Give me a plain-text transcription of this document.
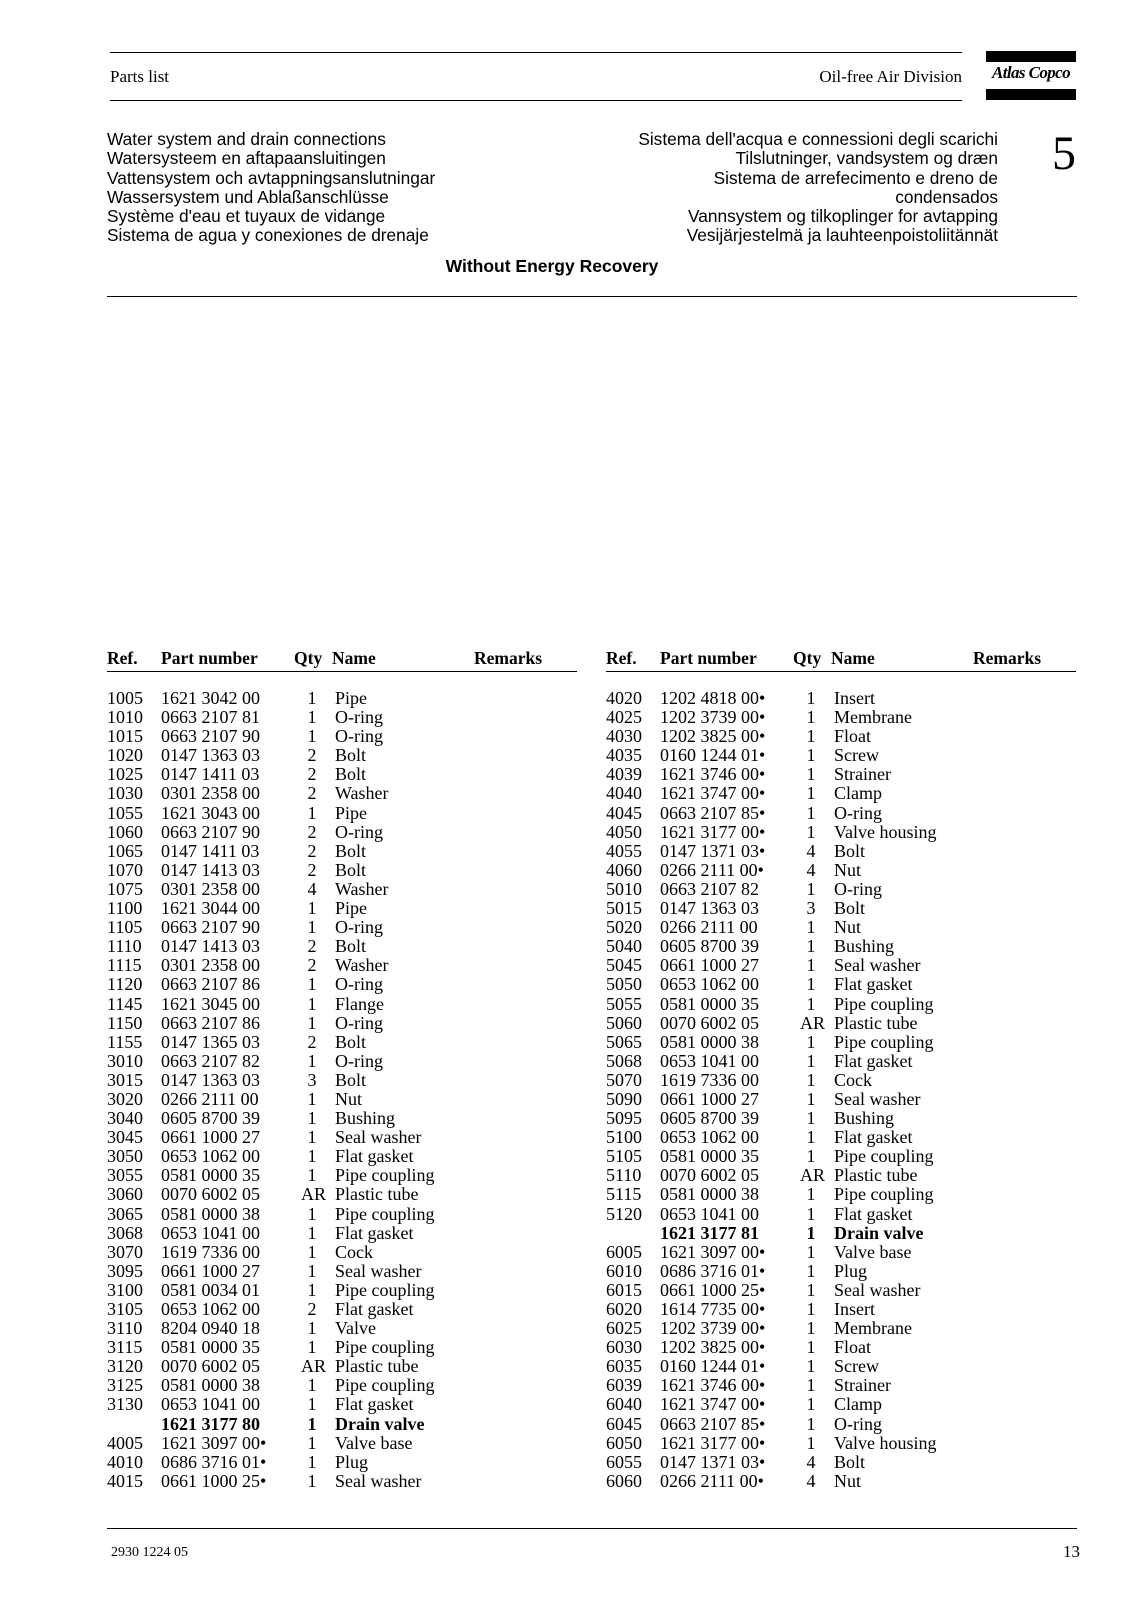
Parts list	Oil-free Air Division	Atlas Copco
Water system and drain connections
Watersysteem en aftapaansluitingen
Vattensystem och avtappningsanslutningar
Wassersystem und Ablaßanschlüsse
Système d'eau et tuyaux de vidange
Sistema de agua y conexiones de drenaje
Sistema dell'acqua e connessioni degli scarichi
Tilslutninger, vandsystem og dræn
Sistema de arrefecimento e dreno de
condensados
Vannsystem og tilkoplinger for avtapping
Vesijärjestelmä ja lauhteenpoistoliitännät
5
Without Energy Recovery
Ref. Part number Qty Name	Remarks
1005 1621 3042 00	1	Pipe
1010 0663 2107 81	1	O-ring
1015 0663 2107 90	1	O-ring
1020 0147 1363 03	2	Bolt
1025 0147 1411 03	2	Bolt
1030 0301 2358 00	2	Washer
1055 1621 3043 00	1	Pipe
1060 0663 2107 90	2	O-ring
1065 0147 1411 03	2	Bolt
1070 0147 1413 03	2	Bolt
1075 0301 2358 00	4	Washer
1100 1621 3044 00	1	Pipe
1105 0663 2107 90	1	O-ring
1110 0147 1413 03	2	Bolt
1115 0301 2358 00	2	Washer
1120 0663 2107 86	1	O-ring
1145 1621 3045 00	1	Flange
1150 0663 2107 86	1	O-ring
1155 0147 1365 03	2	Bolt
3010 0663 2107 82	1	O-ring
3015 0147 1363 03	3	Bolt
3020 0266 2111 00	1	Nut
3040 0605 8700 39	1	Bushing
3045 0661 1000 27	1	Seal washer
3050 0653 1062 00	1	Flat gasket
3055 0581 0000 35	1	Pipe coupling
3060 0070 6002 05 AR Plastic tube
3065 0581 0000 38	1	Pipe coupling
3068 0653 1041 00	1	Flat gasket
3070 1619 7336 00	1	Cock
3095 0661 1000 27	1	Seal washer
3100 0581 0034 01	1	Pipe coupling
3105 0653 1062 00	2	Flat gasket
3110 8204 0940 18	1	Valve
3115 0581 0000 35	1	Pipe coupling
3120 0070 6002 05 AR Plastic tube
3125 0581 0000 38	1	Pipe coupling
3130 0653 1041 00	1	Flat gasket
1621 3177 80	1	Drain valve
4005 1621 3097 00•	1	Valve base
4010 0686 3716 01•	1	Plug
4015 0661 1000 25•	1	Seal washer
Ref. Part number Qty Name	Remarks
4020 1202 4818 00•	1	Insert
4025 1202 3739 00•	1	Membrane
4030 1202 3825 00•	1	Float
4035 0160 1244 01•	1	Screw
4039 1621 3746 00•	1	Strainer
4040 1621 3747 00•	1	Clamp
4045 0663 2107 85•	1	O-ring
4050 1621 3177 00•	1	Valve housing
4055 0147 1371 03•	4	Bolt
4060 0266 2111 00•	4	Nut
5010 0663 2107 82	1	O-ring
5015 0147 1363 03	3	Bolt
5020 0266 2111 00	1	Nut
5040 0605 8700 39	1	Bushing
5045 0661 1000 27	1	Seal washer
5050 0653 1062 00	1	Flat gasket
5055 0581 0000 35	1	Pipe coupling
5060 0070 6002 05 AR Plastic tube
5065 0581 0000 38	1	Pipe coupling
5068 0653 1041 00	1	Flat gasket
5070 1619 7336 00	1	Cock
5090 0661 1000 27	1	Seal washer
5095 0605 8700 39	1	Bushing
5100 0653 1062 00	1	Flat gasket
5105 0581 0000 35	1	Pipe coupling
5110 0070 6002 05 AR Plastic tube
5115 0581 0000 38	1	Pipe coupling
5120 0653 1041 00	1	Flat gasket
1621 3177 81	1	Drain valve
6005 1621 3097 00•	1	Valve base
6010 0686 3716 01•	1	Plug
6015 0661 1000 25•	1	Seal washer
6020 1614 7735 00•	1	Insert
6025 1202 3739 00•	1	Membrane
6030 1202 3825 00•	1	Float
6035 0160 1244 01•	1	Screw
6039 1621 3746 00•	1	Strainer
6040 1621 3747 00•	1	Clamp
6045 0663 2107 85•	1	O-ring
6050 1621 3177 00•	1	Valve housing
6055 0147 1371 03•	4	Bolt
6060 0266 2111 00•	4	Nut
2930 1224 05	13
